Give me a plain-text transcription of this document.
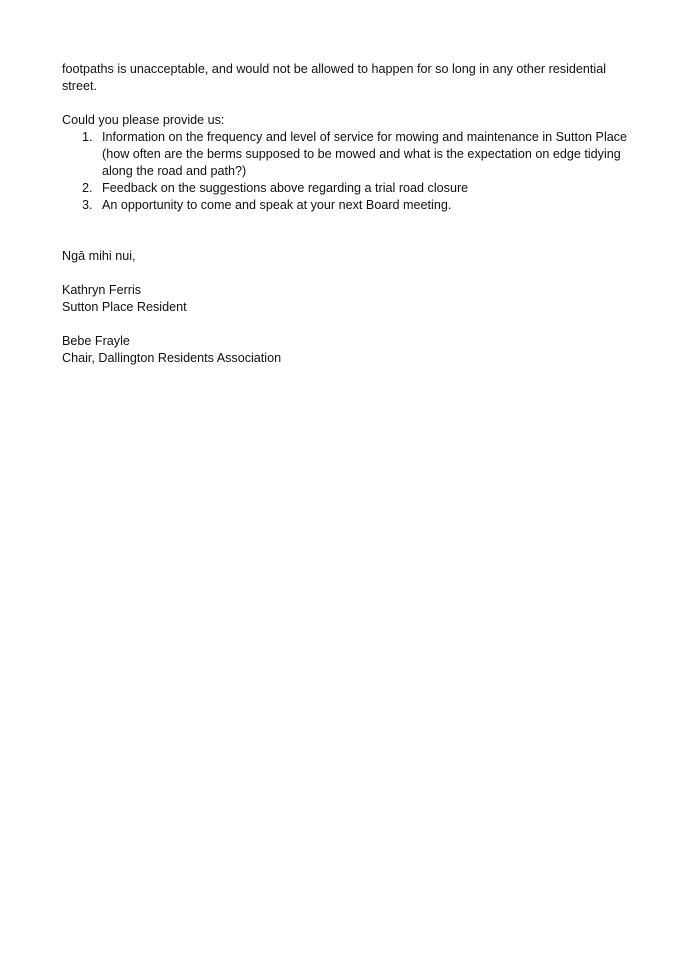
footpaths is unacceptable, and would not be allowed to happen for so long in any other residential street.
Could you please provide us:
1. Information on the frequency and level of service for mowing and maintenance in Sutton Place (how often are the berms supposed to be mowed and what is the expectation on edge tidying along the road and path?)
2. Feedback on the suggestions above regarding a trial road closure
3. An opportunity to come and speak at your next Board meeting.
Ngā mihi nui,
Kathryn Ferris
Sutton Place Resident
Bebe Frayle
Chair, Dallington Residents Association
